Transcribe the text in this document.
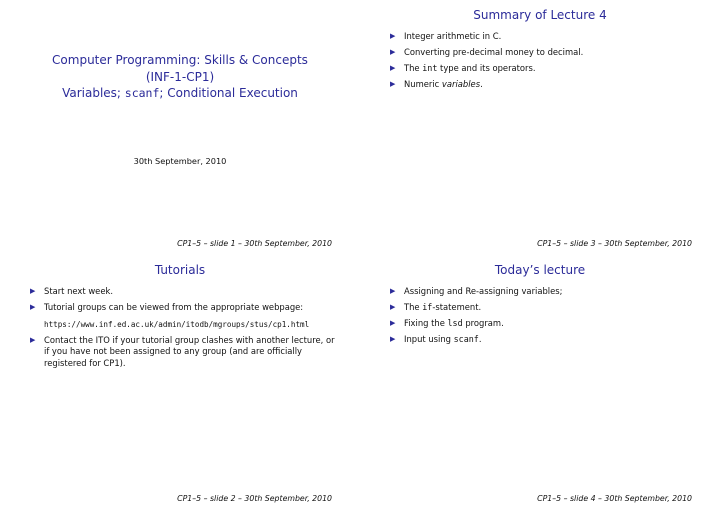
Computer Programming: Skills & Concepts
(INF-1-CP1)
Variables; scanf; Conditional Execution
30th September, 2010
CP1–5 – slide 1 – 30th September, 2010
Summary of Lecture 4
▶ Integer arithmetic in C.
▶ Converting pre-decimal money to decimal.
▶ The int type and its operators.
▶ Numeric variables.
CP1–5 – slide 3 – 30th September, 2010
Tutorials
▶ Start next week.
▶ Tutorial groups can be viewed from the appropriate webpage:
https://www.inf.ed.ac.uk/admin/itodb/mgroups/stus/cp1.html
▶ Contact the ITO if your tutorial group clashes with another lecture, or if you have not been assigned to any group (and are officially registered for CP1).
CP1–5 – slide 2 – 30th September, 2010
Today’s lecture
▶ Assigning and Re-assigning variables;
▶ The if-statement.
▶ Fixing the lsd program.
▶ Input using scanf.
CP1–5 – slide 4 – 30th September, 2010
